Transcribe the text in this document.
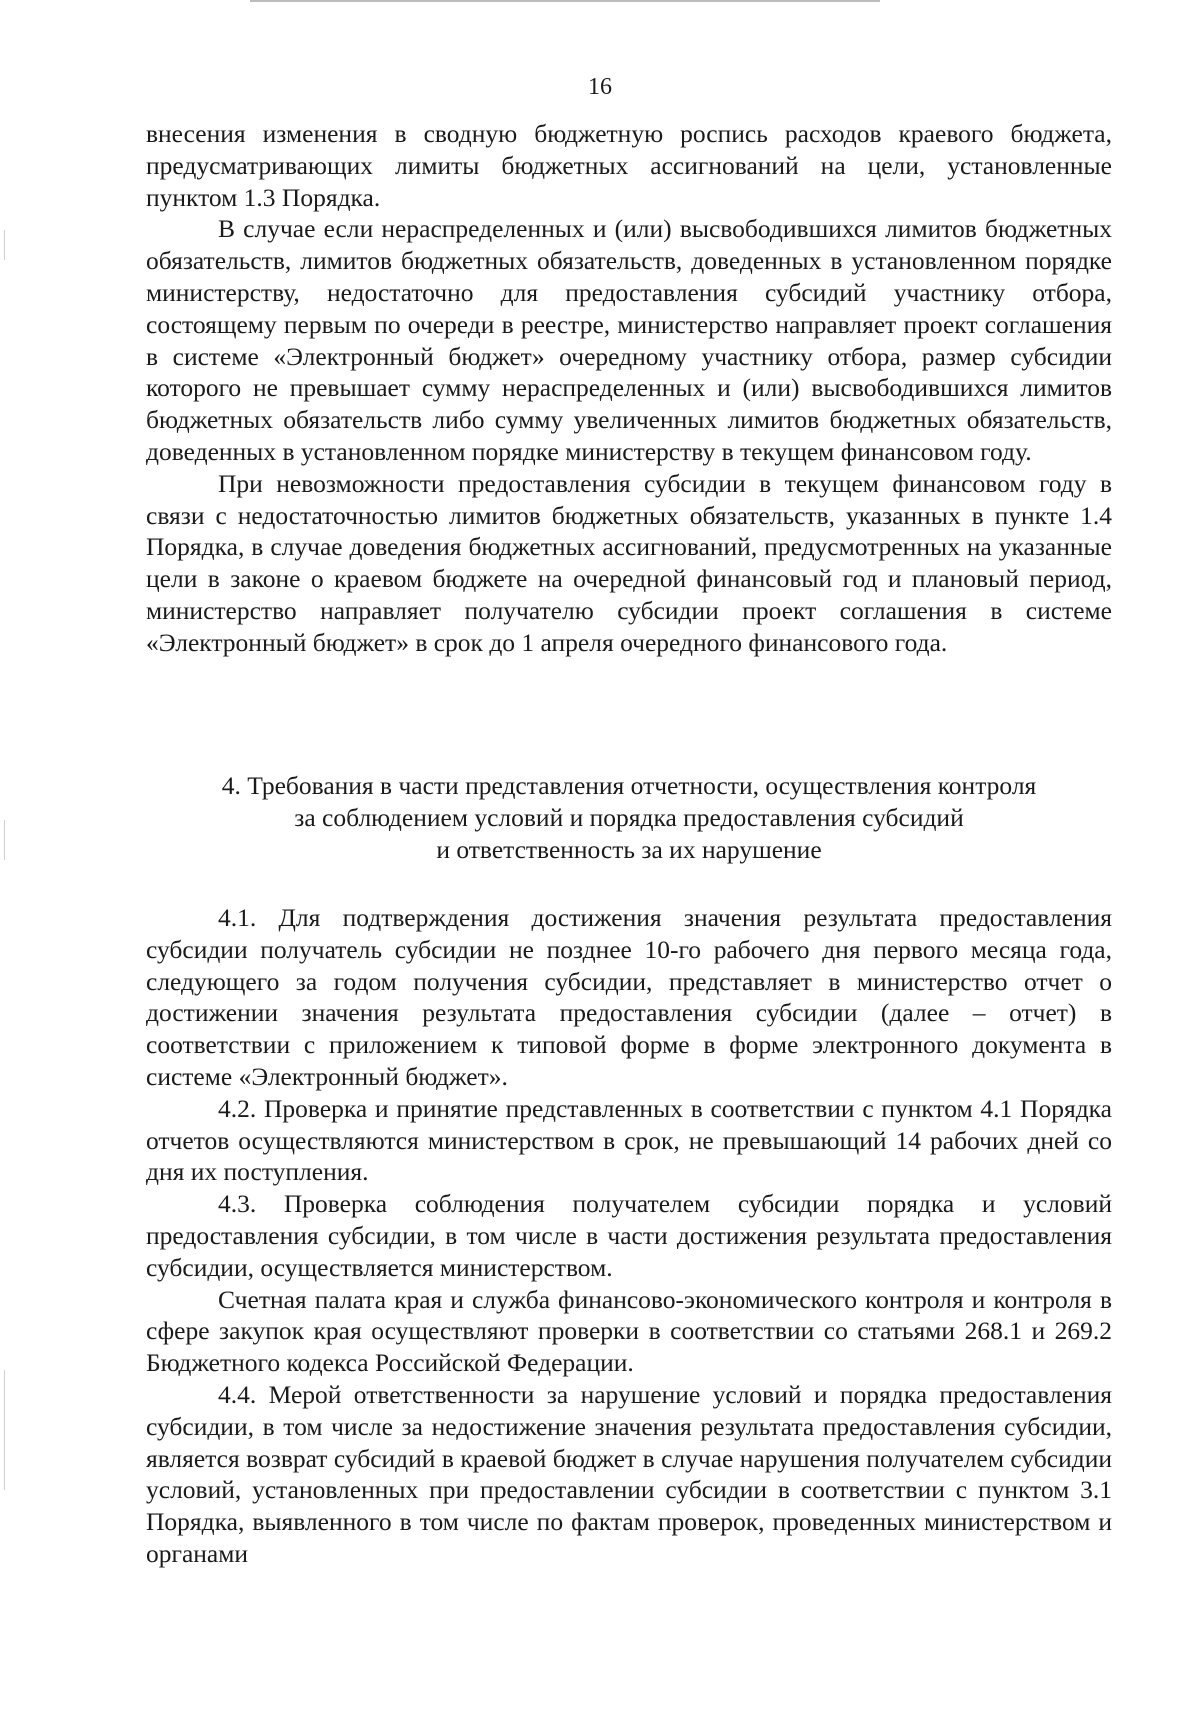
16

внесения изменения в сводную бюджетную роспись расходов краевого бюджета, предусматривающих лимиты бюджетных ассигнований на цели, установленные пунктом 1.3 Порядка.

В случае если нераспределенных и (или) высвободившихся лимитов бюджетных обязательств, лимитов бюджетных обязательств, доведенных в установленном порядке министерству, недостаточно для предоставления субсидий участнику отбора, состоящему первым по очереди в реестре, министерство направляет проект соглашения в системе «Электронный бюджет» очередному участнику отбора, размер субсидии которого не превышает сумму нераспределенных и (или) высвободившихся лимитов бюджетных обязательств либо сумму увеличенных лимитов бюджетных обязательств, доведенных в установленном порядке министерству в текущем финансовом году.

При невозможности предоставления субсидии в текущем финансовом году в связи с недостаточностью лимитов бюджетных обязательств, указанных в пункте 1.4 Порядка, в случае доведения бюджетных ассигнований, предусмотренных на указанные цели в законе о краевом бюджете на очередной финансовый год и плановый период, министерство направляет получателю субсидии проект соглашения в системе «Электронный бюджет» в срок до 1 апреля очередного финансового года.

4. Требования в части представления отчетности, осуществления контроля
за соблюдением условий и порядка предоставления субсидий
и ответственность за их нарушение

4.1. Для подтверждения достижения значения результата предоставления субсидии получатель субсидии не позднее 10-го рабочего дня первого месяца года, следующего за годом получения субсидии, представляет в министерство отчет о достижении значения результата предоставления субсидии (далее – отчет) в соответствии с приложением к типовой форме в форме электронного документа в системе «Электронный бюджет».

4.2. Проверка и принятие представленных в соответствии с пунктом 4.1 Порядка отчетов осуществляются министерством в срок, не превышающий 14 рабочих дней со дня их поступления.

4.3. Проверка соблюдения получателем субсидии порядка и условий предоставления субсидии, в том числе в части достижения результата предоставления субсидии, осуществляется министерством.

Счетная палата края и служба финансово-экономического контроля и контроля в сфере закупок края осуществляют проверки в соответствии со статьями 268.1 и 269.2 Бюджетного кодекса Российской Федерации.

4.4. Мерой ответственности за нарушение условий и порядка предоставления субсидии, в том числе за недостижение значения результата предоставления субсидии, является возврат субсидий в краевой бюджет в случае нарушения получателем субсидии условий, установленных при предоставлении субсидии в соответствии с пунктом 3.1 Порядка, выявленного в том числе по фактам проверок, проведенных министерством и органами
